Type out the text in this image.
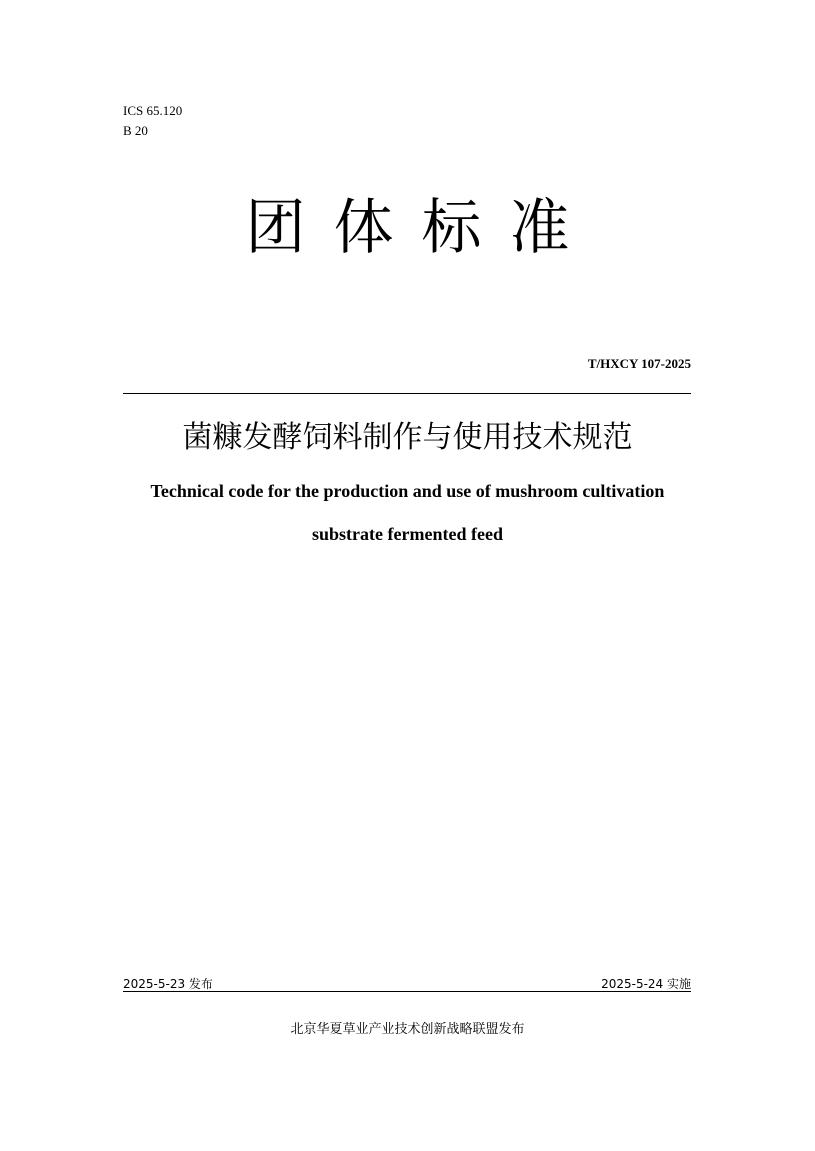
ICS 65.120
B 20
团体标准
T/HXCY 107-2025
菌糠发酵饲料制作与使用技术规范
Technical code for the production and use of mushroom cultivation
substrate fermented feed
2025-5-23 发布	2025-5-24 实施
北京华夏草业产业技术创新战略联盟发布
